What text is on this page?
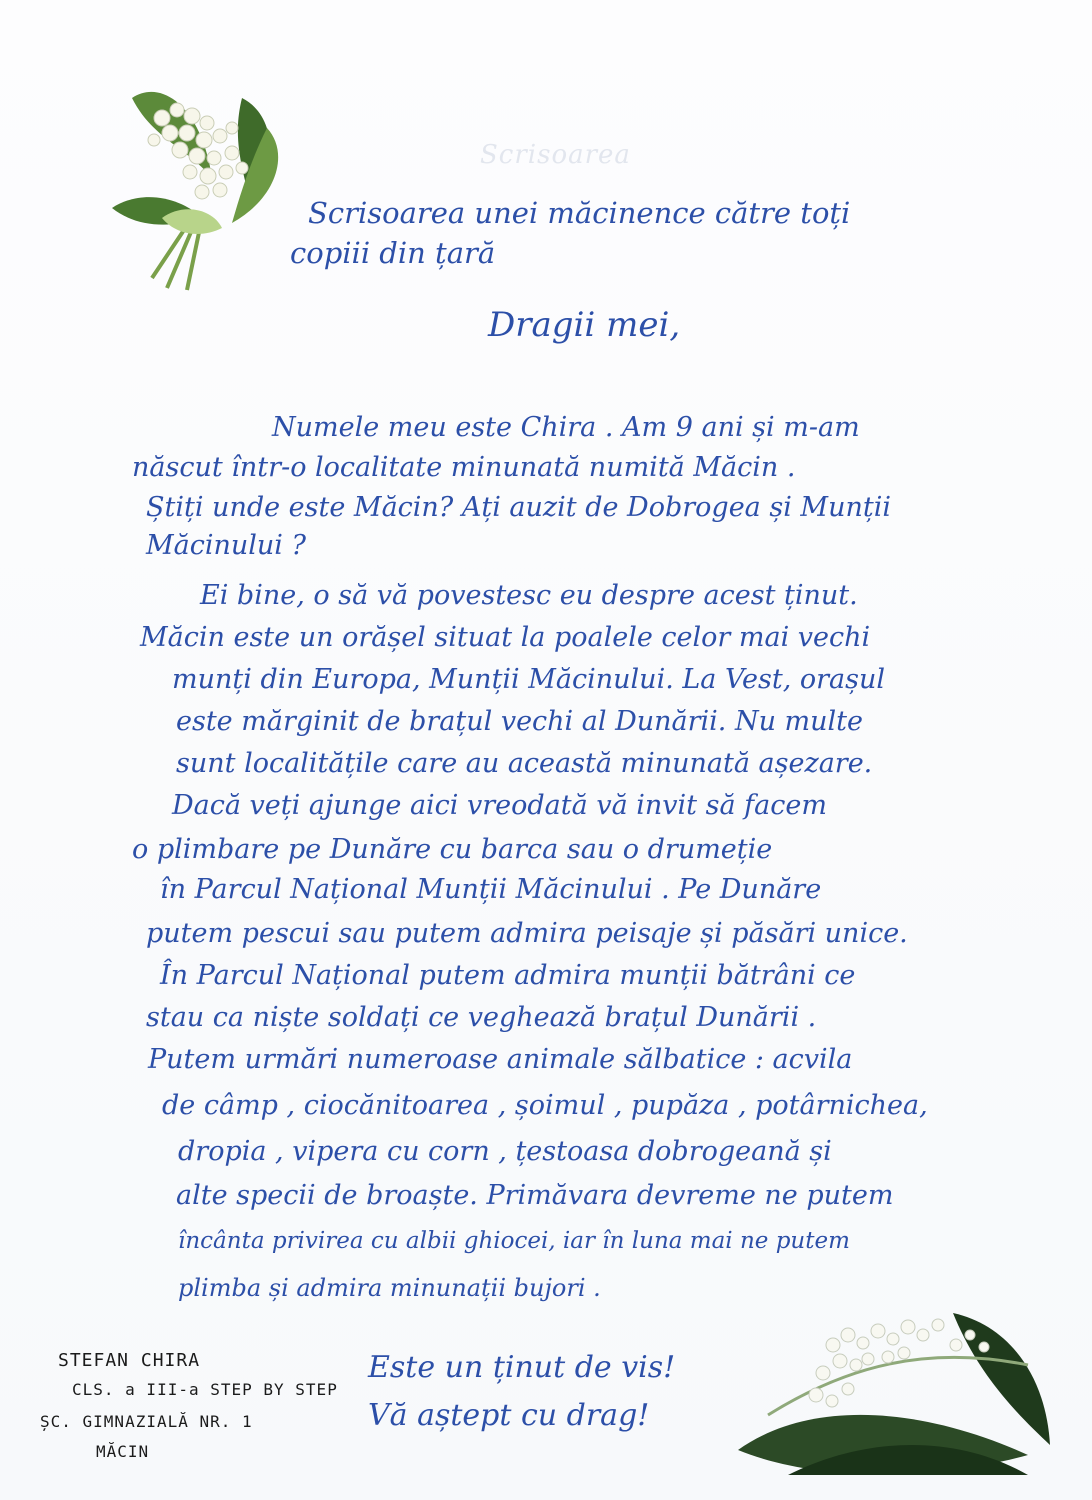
Scrisoarea
Scrisoarea unei măcinence către toți
copiii din țară
Dragii mei,
Numele meu este Chira . Am 9 ani și m-am
născut într-o localitate minunată numită Măcin .
Știți unde este Măcin? Ați auzit de Dobrogea și Munții
Măcinului ?
Ei bine, o să vă povestesc eu despre acest ținut.
Măcin este un orășel situat la poalele celor mai vechi
munți din Europa, Munții Măcinului. La Vest, orașul
este mărginit de brațul vechi al Dunării. Nu multe
sunt localitățile care au această minunată așezare.
Dacă veți ajunge aici vreodată vă invit să facem
o plimbare pe Dunăre cu barca sau o drumeție
în Parcul Național Munții Măcinului . Pe Dunăre
putem pescui sau putem admira peisaje și păsări unice.
În Parcul Național putem admira munții bătrâni ce
stau ca niște soldați ce veghează brațul Dunării .
Putem urmări numeroase animale sălbatice : acvila
de câmp , ciocănitoarea , șoimul , pupăza , potârnichea,
dropia , vipera cu corn , țestoasa dobrogeană și
alte specii de broaște. Primăvara devreme ne putem
încânta privirea cu albii ghiocei, iar în luna mai ne putem
plimba și admira minunații bujori .
Este un ținut de vis!
Vă aștept cu drag!
STEFAN CHIRA
CLS. a III-a STEP BY STEP
ȘC. GIMNAZIALĂ NR. 1
MĂCIN
